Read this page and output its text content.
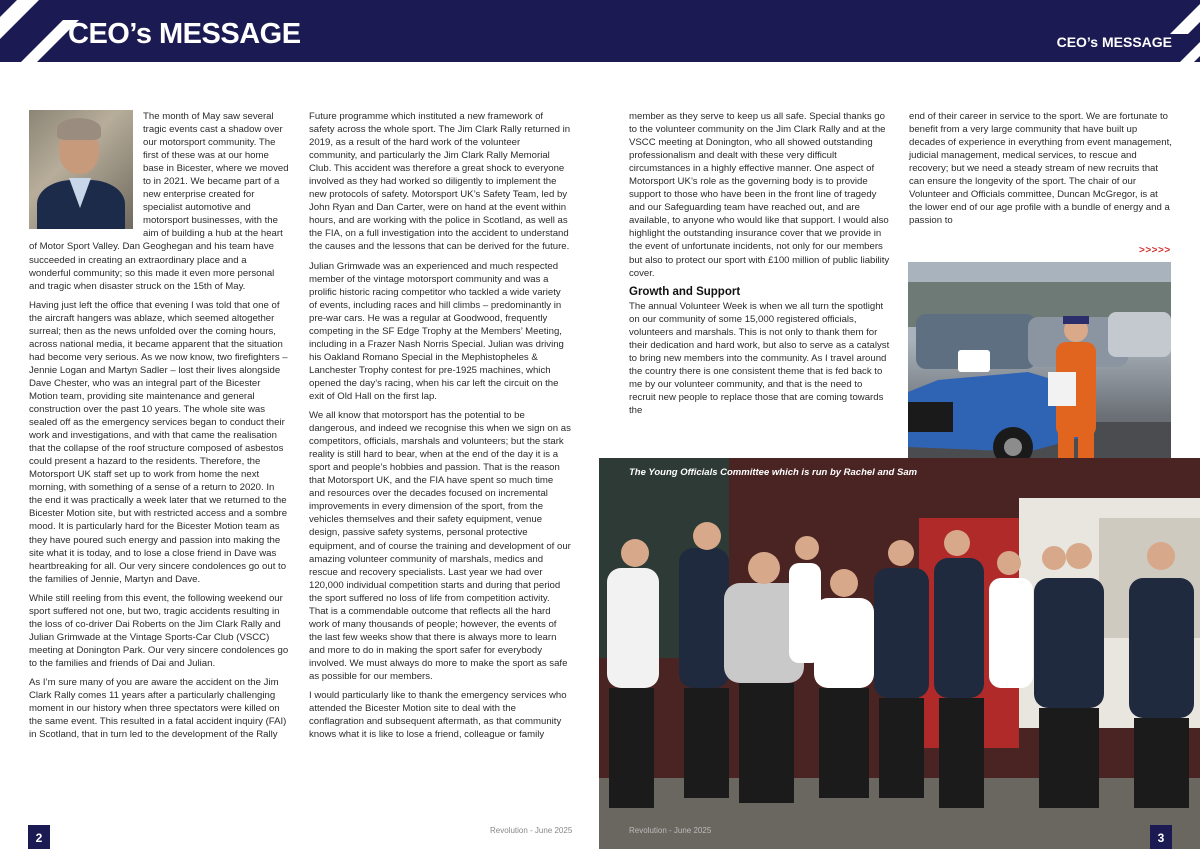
CEO’s MESSAGE	CEO’s MESSAGE

The month of May saw several tragic events cast a shadow over our motorsport community. The first of these was at our home base in Bicester, where we moved to in 2021. We became part of a new enterprise created for specialist automotive and motorsport businesses, with the aim of building a hub at the heart of Motor Sport Valley. Dan Geoghegan and his team have succeeded in creating an extraordinary place and a wonderful community; so this made it even more personal and tragic when disaster struck on the 15th of May.

Having just left the office that evening I was told that one of the aircraft hangers was ablaze, which seemed altogether surreal; then as the news unfolded over the coming hours, across national media, it became apparent that the situation had become very serious. As we now know, two firefighters – Jennie Logan and Martyn Sadler – lost their lives alongside Dave Chester, who was an integral part of the Bicester Motion team, providing site maintenance and general construction over the past 10 years. The whole site was sealed off as the emergency services began to conduct their work and investigations, and with that came the realisation that the collapse of the roof structure composed of asbestos could present a hazard to the residents. Therefore, the Motorsport UK staff set up to work from home the next morning, with something of a sense of a return to 2020. In the end it was practically a week later that we returned to the Bicester Motion site, but with restricted access and a sombre mood. It is particularly hard for the Bicester Motion team as they have poured such energy and passion into making the site what it is today, and to lose a close friend in Dave was heartbreaking for all. Our very sincere condolences go out to the families of Jennie, Martyn and Dave.

While still reeling from this event, the following weekend our sport suffered not one, but two, tragic accidents resulting in the loss of co-driver Dai Roberts on the Jim Clark Rally and Julian Grimwade at the Vintage Sports-Car Club (VSCC) meeting at Donington Park. Our very sincere condolences go to the families and friends of Dai and Julian.

As I’m sure many of you are aware the accident on the Jim Clark Rally comes 11 years after a particularly challenging moment in our history when three spectators were killed on the same event. This resulted in a fatal accident inquiry (FAI) in Scotland, that in turn led to the development of the Rally

Future programme which instituted a new framework of safety across the whole sport. The Jim Clark Rally returned in 2019, as a result of the hard work of the volunteer community, and particularly the Jim Clark Rally Memorial Club. This accident was therefore a great shock to everyone involved as they had worked so diligently to implement the new protocols of safety. Motorsport UK’s Safety Team, led by John Ryan and Dan Carter, were on hand at the event within hours, and are working with the police in Scotland, as well as the FIA, on a full investigation into the accident to understand the causes and the lessons that can be derived for the future.

Julian Grimwade was an experienced and much respected member of the vintage motorsport community and was a prolific historic racing competitor who tackled a wide variety of events, including races and hill climbs – predominantly in pre-war cars. He was a regular at Goodwood, frequently competing in the SF Edge Trophy at the Members’ Meeting, including in a Frazer Nash Norris Special. Julian was driving his Oakland Romano Special in the Mephistopheles & Lanchester Trophy contest for pre-1925 machines, which opened the day’s racing, when his car left the circuit on the exit of Old Hall on the first lap.

We all know that motorsport has the potential to be dangerous, and indeed we recognise this when we sign on as competitors, officials, marshals and volunteers; but the stark reality is still hard to bear, when at the end of the day it is a sport and people’s hobbies and passion. That is the reason that Motorsport UK, and the FIA have spent so much time and resources over the decades focused on incremental improvements in every dimension of the sport, from the vehicles themselves and their safety equipment, venue design, passive safety systems, personal protective equipment, and of course the training and development of our amazing volunteer community of marshals, medics and rescue and recovery specialists. Last year we had over 120,000 individual competition starts and during that period the sport suffered no loss of life from competition activity. That is a commendable outcome that reflects all the hard work of many thousands of people; however, the events of the last few weeks show that there is always more to learn and more to do in making the sport safer for everybody involved. We must always do more to make the sport as safe as possible for our members.

I would particularly like to thank the emergency services who attended the Bicester Motion site to deal with the conflagration and subsequent aftermath, as that community knows what it is like to lose a friend, colleague or family

member as they serve to keep us all safe. Special thanks go to the volunteer community on the Jim Clark Rally and at the VSCC meeting at Donington, who all showed outstanding professionalism and dealt with these very difficult circumstances in a highly effective manner. One aspect of Motorsport UK’s role as the governing body is to provide support to those who have been in the front line of tragedy and our Safeguarding team have reached out, and are available, to anyone who would like that support. I would also highlight the outstanding insurance cover that we provide in the event of unfortunate incidents, not only for our members but also to protect our sport with £100 million of public liability cover.

Growth and Support

The annual Volunteer Week is when we all turn the spotlight on our community of some 15,000 registered officials, volunteers and marshals. This is not only to thank them for their dedication and hard work, but also to serve as a catalyst to bring new members into the community. As I travel around the country there is one consistent theme that is fed back to me by our volunteer community, and that is the need to recruit new people to replace those that are coming towards the

end of their career in service to the sport. We are fortunate to benefit from a very large community that have built up decades of experience in everything from event management, judicial management, medical services, to rescue and recovery; but we need a steady stream of new recruits that can ensure the longevity of the sport. The chair of our Volunteer and Officials committee, Duncan McGregor, is at the lower end of our age profile with a bundle of energy and a passion to

>>>>>
The Young Officials Committee which is run by Rachel and Sam
2
Revolution - June 2025	Revolution - June 2025
3
